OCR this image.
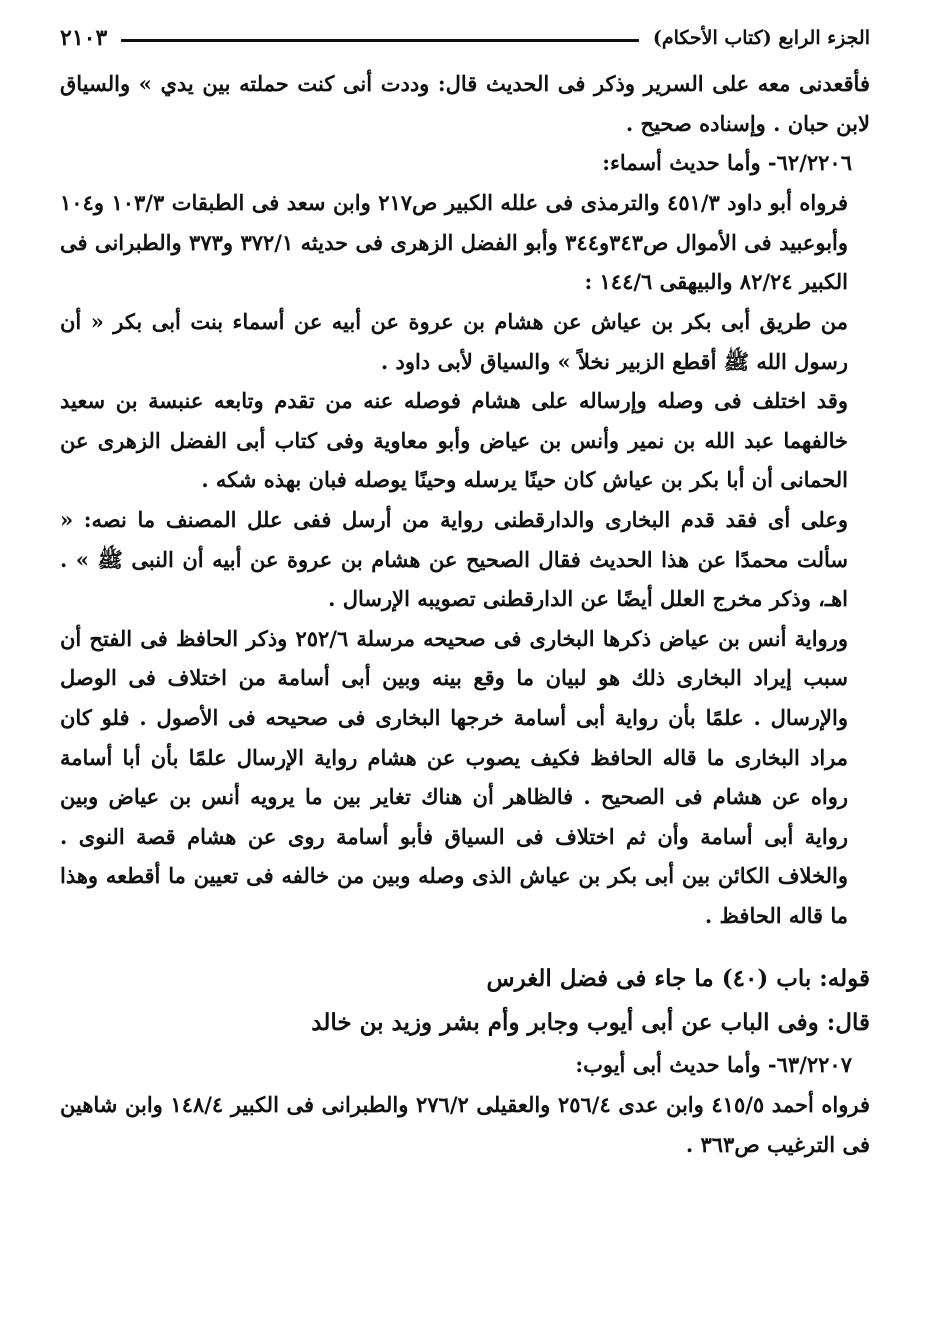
الجزء الرابع (كتاب الأحكام)
٢١٠٣

فأقعدنى معه على السرير وذكر فى الحديث قال: وددت أنى كنت حملته بين يدي » والسياق لابن حبان . وإسناده صحيح .

٦٢/٢٢٠٦- وأما حديث أسماء:

فرواه أبو داود ٤٥١/٣ والترمذى فى علله الكبير ص٢١٧ وابن سعد فى الطبقات ١٠٣/٣ و١٠٤ وأبوعبيد فى الأموال ص٣٤٣و٣٤٤ وأبو الفضل الزهرى فى حديثه ٣٧٢/١ و٣٧٣ والطبرانى فى الكبير ٨٢/٢٤ والبيهقى ١٤٤/٦ :

من طريق أبى بكر بن عياش عن هشام بن عروة عن أبيه عن أسماء بنت أبى بكر « أن رسول الله ﷺ أقطع الزبير نخلاً » والسياق لأبى داود .

وقد اختلف فى وصله وإرساله على هشام فوصله عنه من تقدم وتابعه عنبسة بن سعيد خالفهما عبد الله بن نمير وأنس بن عياض وأبو معاوية وفى كتاب أبى الفضل الزهرى عن الحمانى أن أبا بكر بن عياش كان حينًا يرسله وحينًا يوصله فبان بهذه شكه .

وعلى أى فقد قدم البخارى والدارقطنى رواية من أرسل ففى علل المصنف ما نصه: « سألت محمدًا عن هذا الحديث فقال الصحيح عن هشام بن عروة عن أبيه أن النبى ﷺ » . اهـ، وذكر مخرج العلل أيضًا عن الدارقطنى تصويبه الإرسال .

ورواية أنس بن عياض ذكرها البخارى فى صحيحه مرسلة ٢٥٢/٦ وذكر الحافظ فى الفتح أن سبب إيراد البخارى ذلك هو لبيان ما وقع بينه وبين أبى أسامة من اختلاف فى الوصل والإرسال . علمًا بأن رواية أبى أسامة خرجها البخارى فى صحيحه فى الأصول . فلو كان مراد البخارى ما قاله الحافظ فكيف يصوب عن هشام رواية الإرسال علمًا بأن أبا أسامة رواه عن هشام فى الصحيح . فالظاهر أن هناك تغاير بين ما يرويه أنس بن عياض وبين رواية أبى أسامة وأن ثم اختلاف فى السياق فأبو أسامة روى عن هشام قصة النوى . والخلاف الكائن بين أبى بكر بن عياش الذى وصله وبين من خالفه فى تعيين ما أقطعه وهذا ما قاله الحافظ .

قوله: باب (٤٠) ما جاء فى فضل الغرس

قال: وفى الباب عن أبى أيوب وجابر وأم بشر وزيد بن خالد

٦٣/٢٢٠٧- وأما حديث أبى أيوب:

فرواه أحمد ٤١٥/٥ وابن عدى ٢٥٦/٤ والعقيلى ٢٧٦/٢ والطبرانى فى الكبير ١٤٨/٤ وابن شاهين فى الترغيب ص٣٦٣ .
